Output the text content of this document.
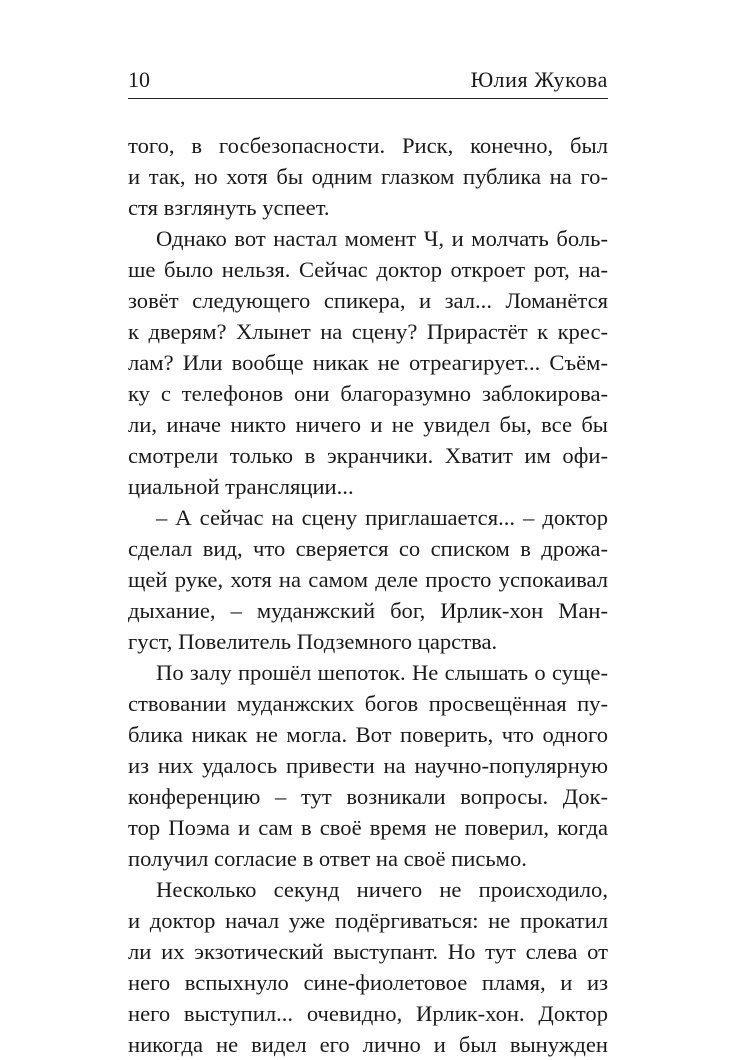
10	Юлия Жукова
того, в госбезопасности. Риск, конечно, был
и так, но хотя бы одним глазком публика на го-
стя взглянуть успеет.
Однако вот настал момент Ч, и молчать боль-
ше было нельзя. Сейчас доктор откроет рот, на-
зовёт следующего спикера, и зал... Ломанётся
к дверям? Хлынет на сцену? Прирастёт к крес-
лам? Или вообще никак не отреагирует... Съём-
ку с телефонов они благоразумно заблокирова-
ли, иначе никто ничего и не увидел бы, все бы
смотрели только в экранчики. Хватит им офи-
циальной трансляции...
– А сейчас на сцену приглашается... – доктор
сделал вид, что сверяется со списком в дрожа-
щей руке, хотя на самом деле просто успокаивал
дыхание, – муданжский бог, Ирлик-хон Ман-
густ, Повелитель Подземного царства.
По залу прошёл шепоток. Не слышать о суще-
ствовании муданжских богов просвещённая пу-
блика никак не могла. Вот поверить, что одного
из них удалось привести на научно-популярную
конференцию – тут возникали вопросы. Док-
тор Поэма и сам в своё время не поверил, когда
получил согласие в ответ на своё письмо.
Несколько секунд ничего не происходило,
и доктор начал уже подёргиваться: не прокатил
ли их экзотический выступант. Но тут слева от
него вспыхнуло сине-фиолетовое пламя, и из
него выступил... очевидно, Ирлик-хон. Доктор
никогда не видел его лично и был вынужден
